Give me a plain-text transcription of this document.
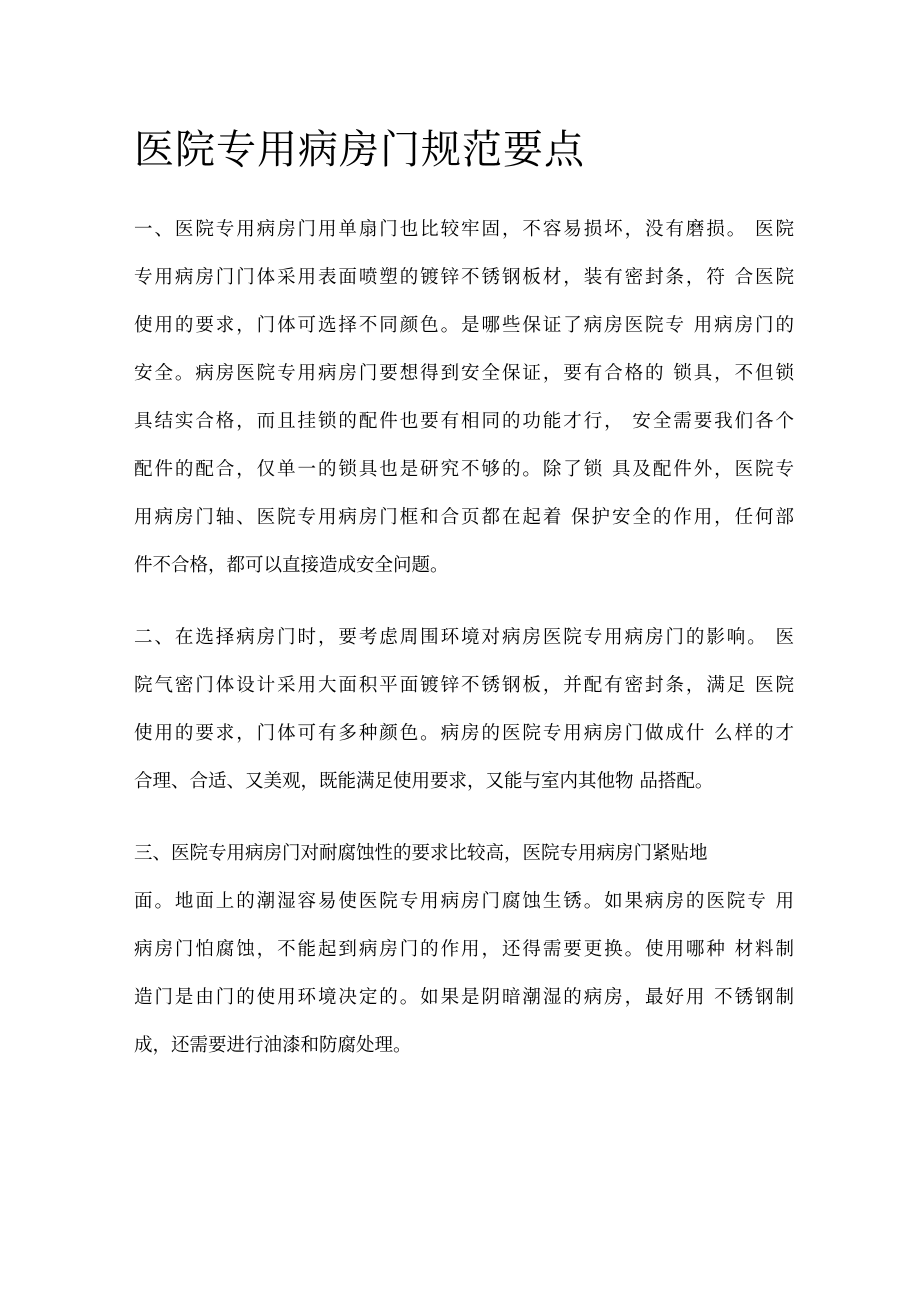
医院专用病房门规范要点
一、医院专用病房门用单扇门也比较牢固，不容易损坏，没有磨损。 医院
专用病房门门体采用表面喷塑的镀锌不锈钢板材，装有密封条，符 合医院
使用的要求，门体可选择不同颜色。是哪些保证了病房医院专 用病房门的
安全。病房医院专用病房门要想得到安全保证，要有合格的 锁具，不但锁
具结实合格，而且挂锁的配件也要有相同的功能才行， 安全需要我们各个
配件的配合，仅单一的锁具也是研究不够的。除了锁 具及配件外，医院专
用病房门轴、医院专用病房门框和合页都在起着 保护安全的作用，任何部
件不合格，都可以直接造成安全问题。
二、在选择病房门时，要考虑周围环境对病房医院专用病房门的影响。 医
院气密门体设计采用大面积平面镀锌不锈钢板，并配有密封条，满足 医院
使用的要求，门体可有多种颜色。病房的医院专用病房门做成什 么样的才
合理、合适、又美观，既能满足使用要求，又能与室内其他物 品搭配。
三、医院专用病房门对耐腐蚀性的要求比较高，医院专用病房门紧贴地
面。地面上的潮湿容易使医院专用病房门腐蚀生锈。如果病房的医院专 用
病房门怕腐蚀，不能起到病房门的作用，还得需要更换。使用哪种 材料制
造门是由门的使用环境决定的。如果是阴暗潮湿的病房，最好用 不锈钢制
成，还需要进行油漆和防腐处理。
